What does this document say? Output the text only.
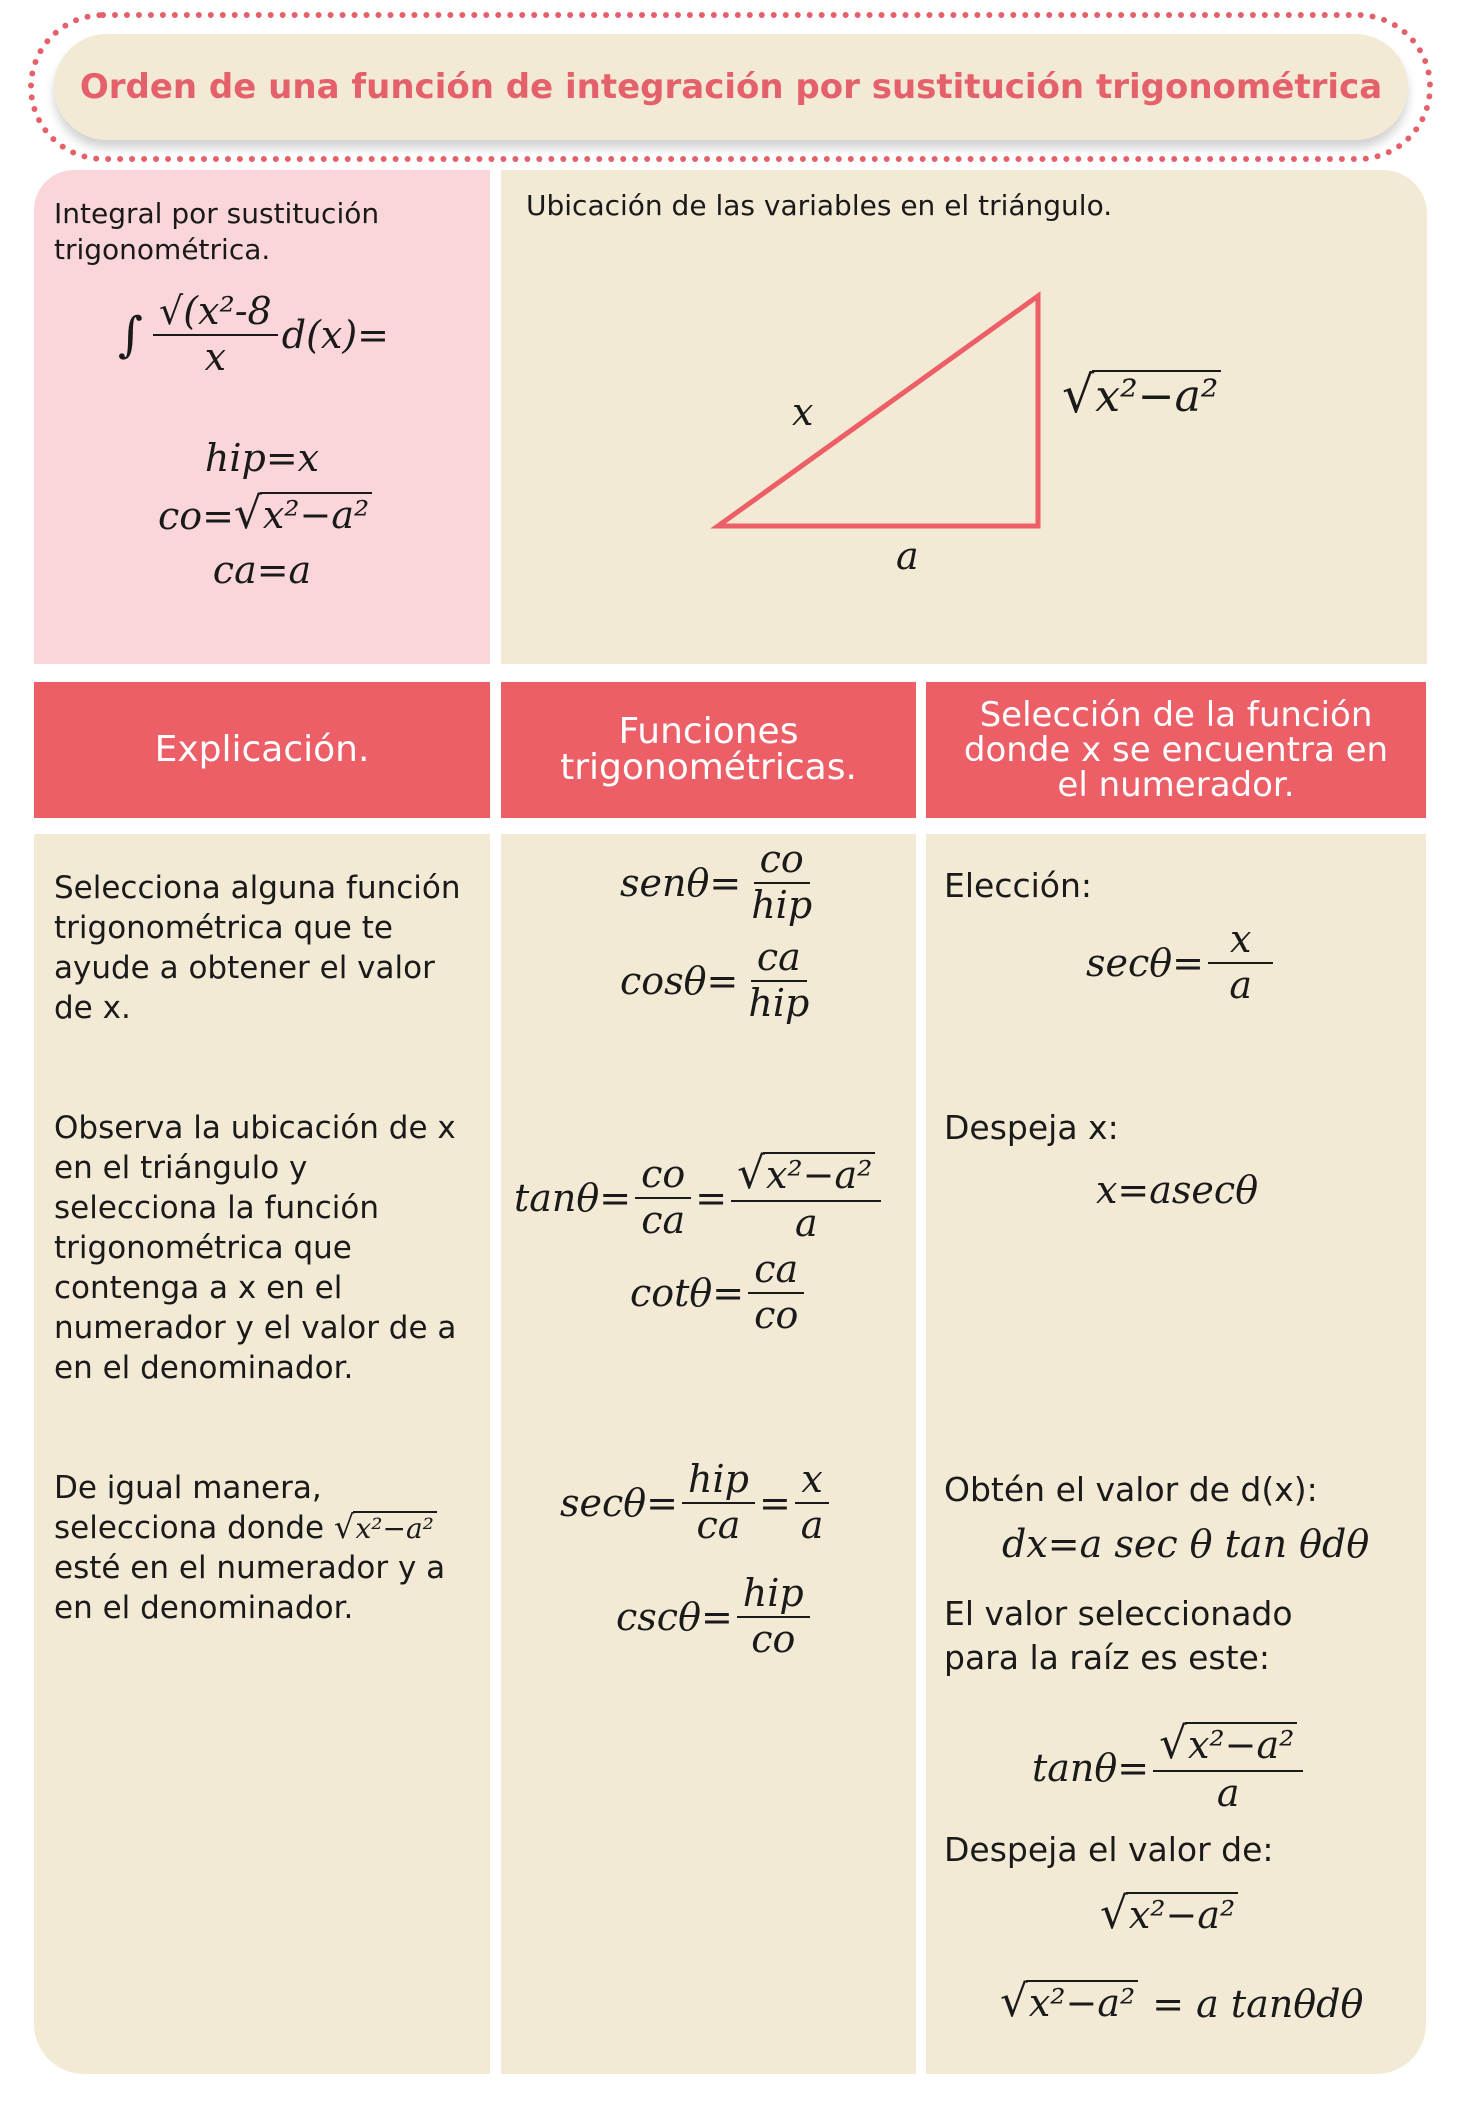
Orden de una función de integración por sustitución trigonométrica
Integral por sustitución trigonométrica.
∫ $\frac{\text{√(x²-8}}{x} d(x)=$
hip=x
co= √ x²−a²
ca=a
Ubicación de las variables en el triángulo.
x
a
√ x²−a²
Explicación.	Funciones trigonométricas.
Selección de la función donde x se encuentra en el numerador.
Selecciona alguna función trigonométrica que te ayude a obtener el valor de x.
Observa la ubicación de x en el triángulo y selecciona la función trigonométrica que contenga a x en el numerador y el valor de a en el denominador.
De igual manera, selecciona donde √ x²−a²
esté en el numerador y a en el denominador.
$sen\theta= \frac{co}{\text{hip}}$
$\cos\theta= \frac{ca}{\text{hip}}$
$\tan\theta= \frac{co}{ca} = \frac{\text{√ x²−a²}}{a}$
$\cot\theta= \frac{ca}{co}$
$\sec\theta= \frac{\text{hip}}{ca} = \frac{x}{a}$
$\csc\theta= \frac{\text{hip}}{co}$
Elección:
$\sec\theta= \frac{x}{a}$
Despeja x:
x=asecθ
Obtén el valor de d(x):
dx=a sec θ tan θdθ
El valor seleccionado para la raíz es este:
$\tan\theta= \frac{\text{√ x²−a²}}{a}$
Despeja el valor de:
√ x²−a²
√ x²−a² = a tanθdθ
